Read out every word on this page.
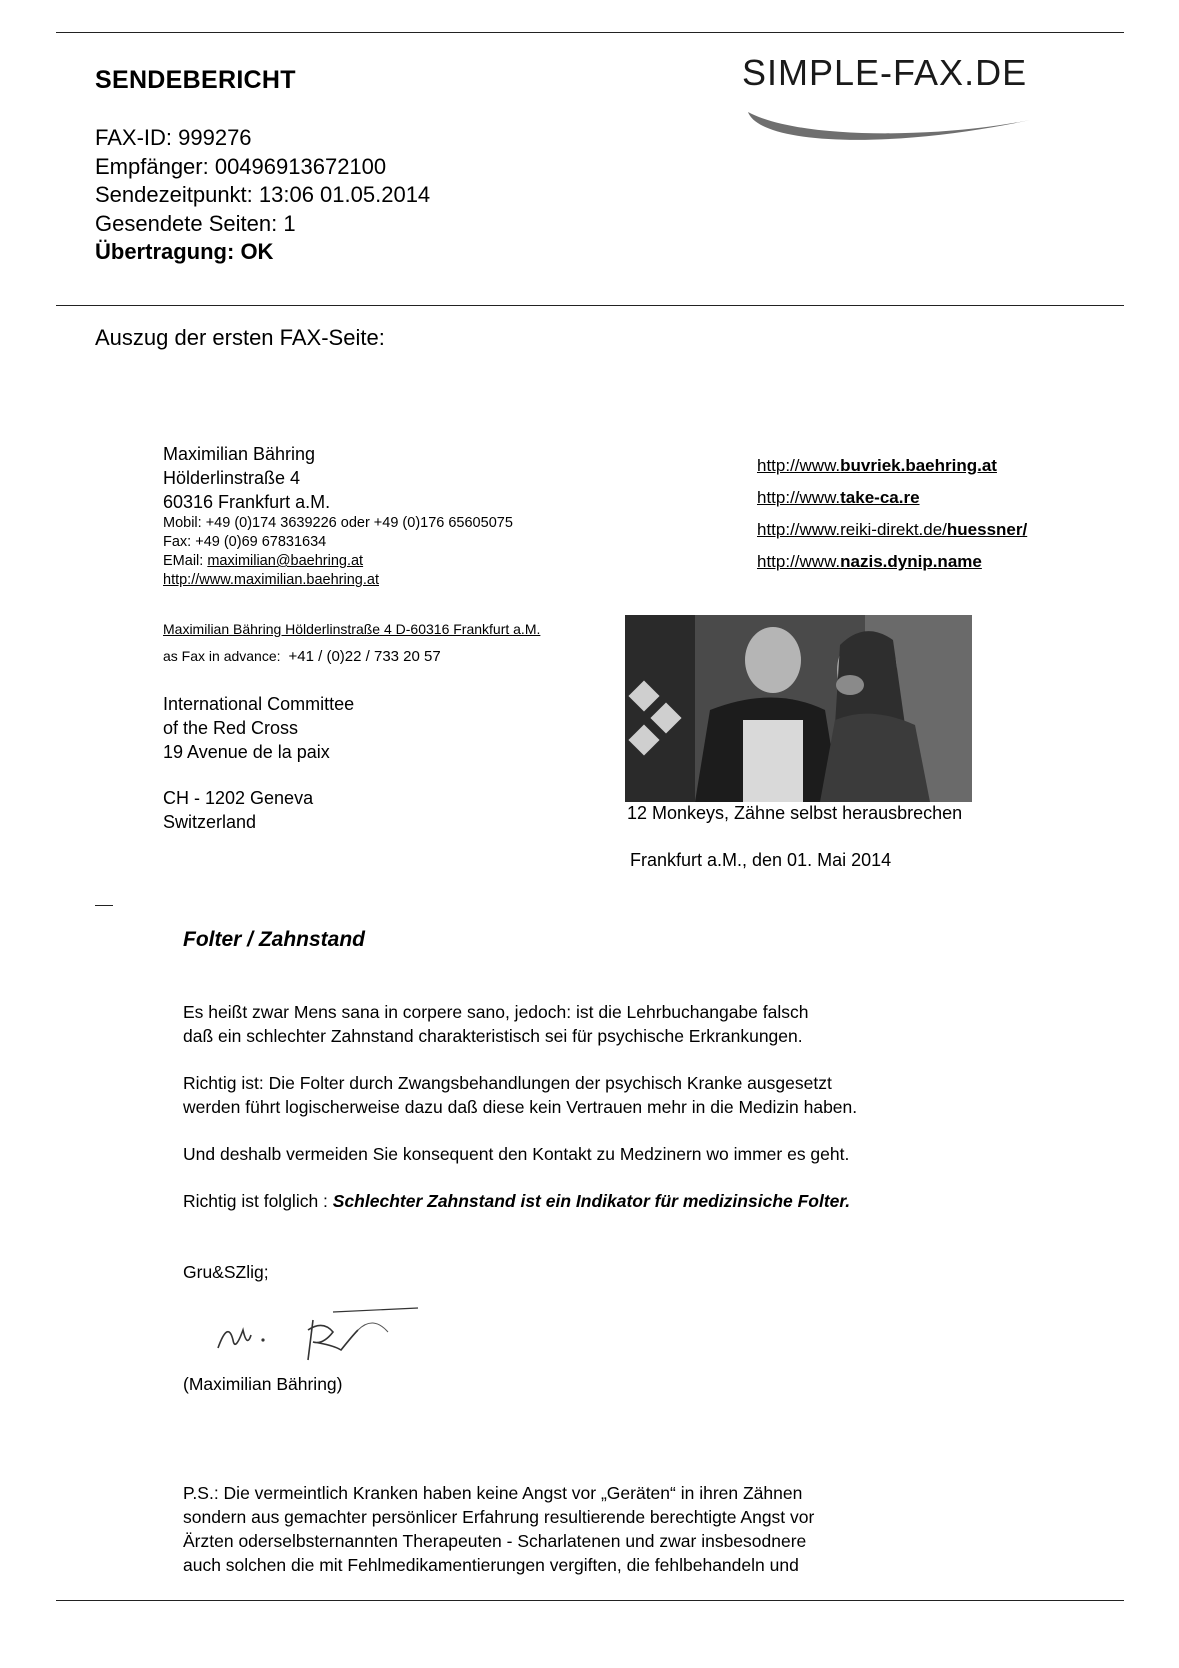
SENDEBERICHT	SIMPLE-FAX.DE
FAX-ID: 999276
Empfänger: 00496913672100
Sendezeitpunkt: 13:06 01.05.2014
Gesendete Seiten: 1
Übertragung: OK
Auszug der ersten FAX-Seite:
Maximilian Bähring
Hölderlinstraße 4
60316 Frankfurt a.M.
Mobil: +49 (0)174 3639226 oder +49 (0)176 65605075
Fax: +49 (0)69 67831634
EMail: maximilian@baehring.at
http://www.maximilian.baehring.at
http://www.buvriek.baehring.at
http://www.take-ca.re
http://www.reiki-direkt.de/huessner/
http://www.nazis.dynip.name
Maximilian Bähring Hölderlinstraße 4 D-60316 Frankfurt a.M.
as Fax in advance: +41 / (0)22 / 733 20 57
International Committee
of the Red Cross
19 Avenue de la paix
CH - 1202 Geneva
Switzerland	12 Monkeys, Zähne selbst herausbrechen
Frankfurt a.M., den 01. Mai 2014
Folter / Zahnstand
Es heißt zwar Mens sana in corpere sano, jedoch: ist die Lehrbuchangabe falsch
daß ein schlechter Zahnstand charakteristisch sei für psychische Erkrankungen.
Richtig ist: Die Folter durch Zwangsbehandlungen der psychisch Kranke ausgesetzt
werden führt logischerweise dazu daß diese kein Vertrauen mehr in die Medizin haben.
Und deshalb vermeiden Sie konsequent den Kontakt zu Medzinern wo immer es geht.
Richtig ist folglich : Schlechter Zahnstand ist ein Indikator für medizinsiche Folter.
Gru&SZlig;
(Maximilian Bähring)
P.S.: Die vermeintlich Kranken haben keine Angst vor „Geräten“ in ihren Zähnen
sondern aus gemachter persönlicer Erfahrung resultierende berechtigte Angst vor
Ärzten oderselbsternannten Therapeuten - Scharlatenen und zwar insbesodnere
auch solchen die mit Fehlmedikamentierungen vergiften, die fehlbehandeln und
